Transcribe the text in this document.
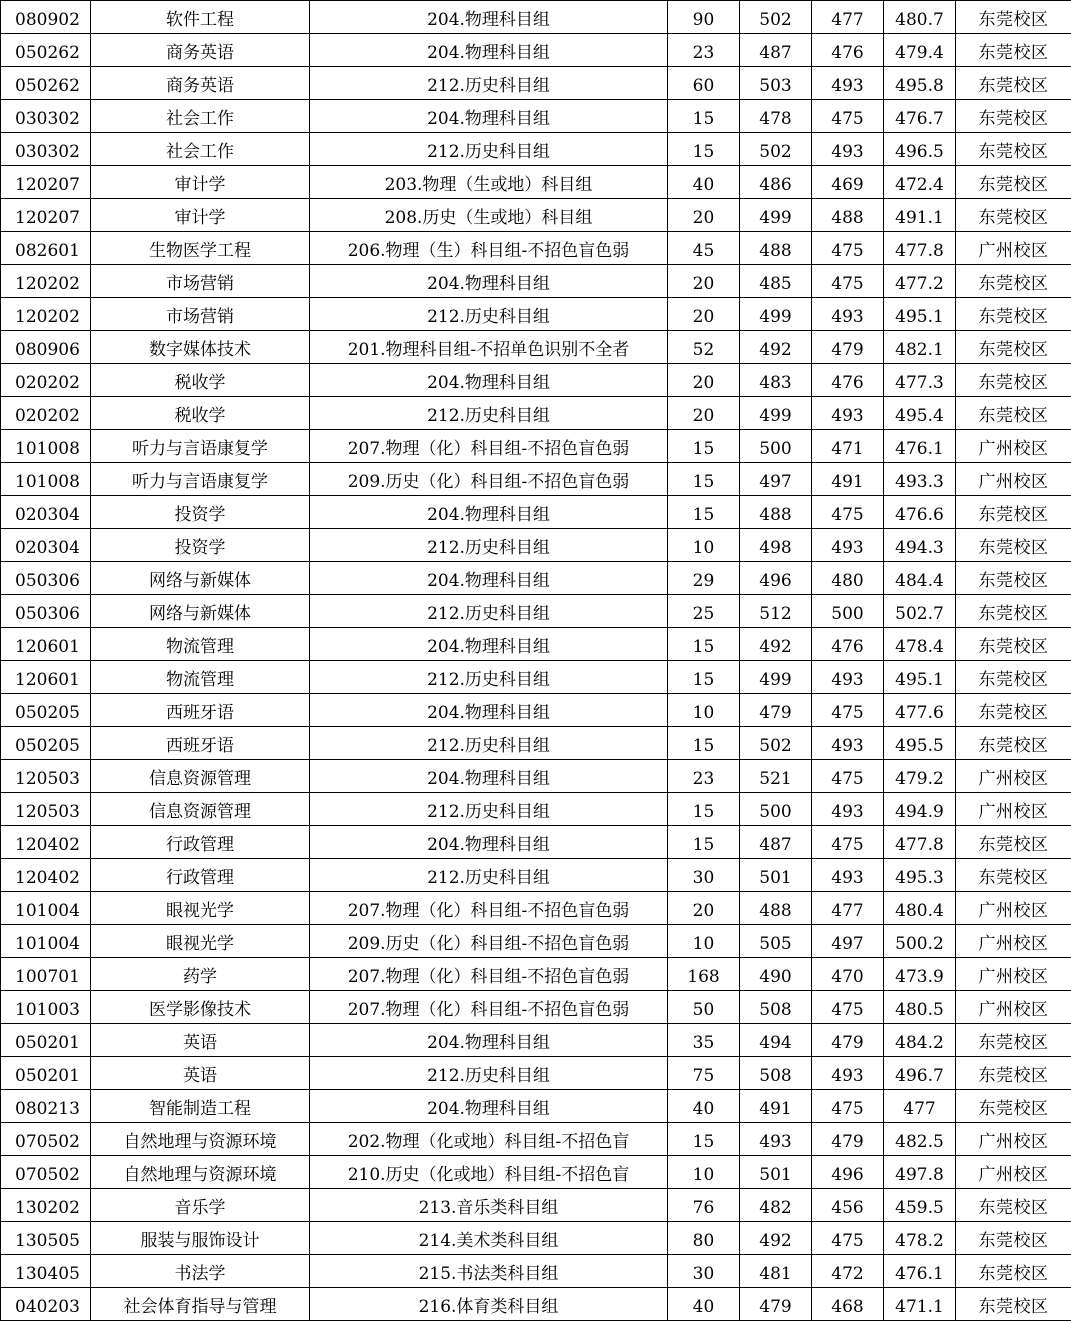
080902	软件工程	204.物理科目组	90	502	477	480.7	东莞校区
050262	商务英语	204.物理科目组	23	487	476	479.4	东莞校区
050262	商务英语	212.历史科目组	60	503	493	495.8	东莞校区
030302	社会工作	204.物理科目组	15	478	475	476.7	东莞校区
030302	社会工作	212.历史科目组	15	502	493	496.5	东莞校区
120207	审计学	203.物理（生或地）科目组	40	486	469	472.4	东莞校区
120207	审计学	208.历史（生或地）科目组	20	499	488	491.1	东莞校区
082601	生物医学工程	206.物理（生）科目组-不招色盲色弱	45	488	475	477.8	广州校区
120202	市场营销	204.物理科目组	20	485	475	477.2	东莞校区
120202	市场营销	212.历史科目组	20	499	493	495.1	东莞校区
080906	数字媒体技术	201.物理科目组-不招单色识别不全者	52	492	479	482.1	东莞校区
020202	税收学	204.物理科目组	20	483	476	477.3	东莞校区
020202	税收学	212.历史科目组	20	499	493	495.4	东莞校区
101008	听力与言语康复学	207.物理（化）科目组-不招色盲色弱	15	500	471	476.1	广州校区
101008	听力与言语康复学	209.历史（化）科目组-不招色盲色弱	15	497	491	493.3	广州校区
020304	投资学	204.物理科目组	15	488	475	476.6	东莞校区
020304	投资学	212.历史科目组	10	498	493	494.3	东莞校区
050306	网络与新媒体	204.物理科目组	29	496	480	484.4	东莞校区
050306	网络与新媒体	212.历史科目组	25	512	500	502.7	东莞校区
120601	物流管理	204.物理科目组	15	492	476	478.4	东莞校区
120601	物流管理	212.历史科目组	15	499	493	495.1	东莞校区
050205	西班牙语	204.物理科目组	10	479	475	477.6	东莞校区
050205	西班牙语	212.历史科目组	15	502	493	495.5	东莞校区
120503	信息资源管理	204.物理科目组	23	521	475	479.2	广州校区
120503	信息资源管理	212.历史科目组	15	500	493	494.9	广州校区
120402	行政管理	204.物理科目组	15	487	475	477.8	东莞校区
120402	行政管理	212.历史科目组	30	501	493	495.3	东莞校区
101004	眼视光学	207.物理（化）科目组-不招色盲色弱	20	488	477	480.4	广州校区
101004	眼视光学	209.历史（化）科目组-不招色盲色弱	10	505	497	500.2	广州校区
100701	药学	207.物理（化）科目组-不招色盲色弱	168	490	470	473.9	广州校区
101003	医学影像技术	207.物理（化）科目组-不招色盲色弱	50	508	475	480.5	广州校区
050201	英语	204.物理科目组	35	494	479	484.2	东莞校区
050201	英语	212.历史科目组	75	508	493	496.7	东莞校区
080213	智能制造工程	204.物理科目组	40	491	475	477	东莞校区
070502	自然地理与资源环境	202.物理（化或地）科目组-不招色盲	15	493	479	482.5	广州校区
070502	自然地理与资源环境	210.历史（化或地）科目组-不招色盲	10	501	496	497.8	广州校区
130202	音乐学	213.音乐类科目组	76	482	456	459.5	东莞校区
130505	服装与服饰设计	214.美术类科目组	80	492	475	478.2	东莞校区
130405	书法学	215.书法类科目组	30	481	472	476.1	东莞校区
040203	社会体育指导与管理	216.体育类科目组	40	479	468	471.1	东莞校区
